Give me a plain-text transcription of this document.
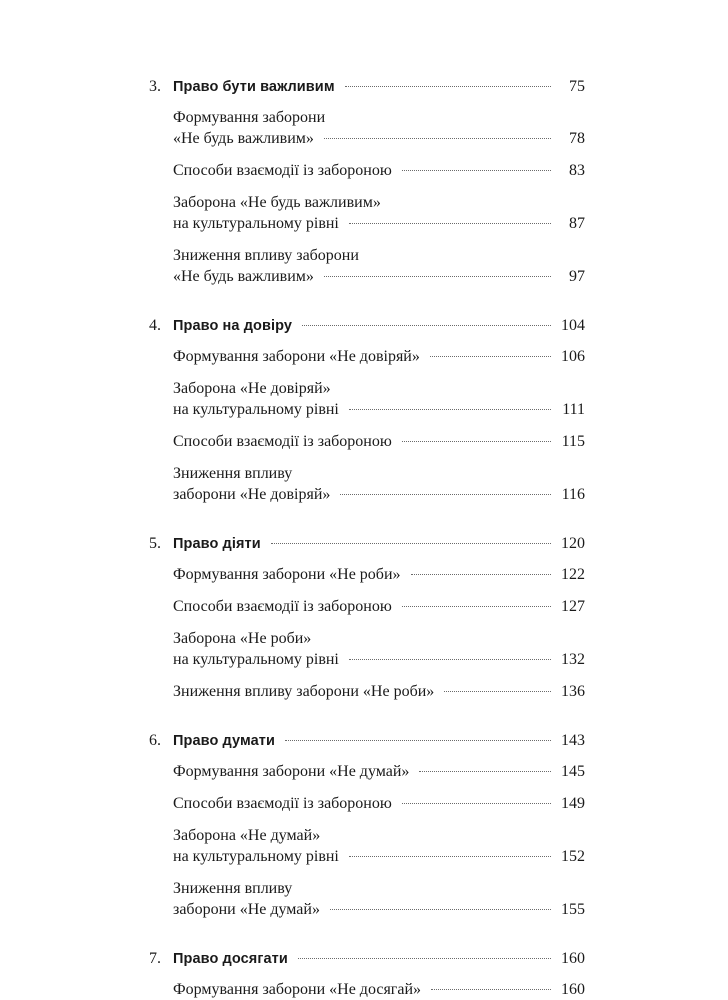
3. Право бути важливим	75
Формування заборони
«Не будь важливим»	78
Способи взаємодії із забороною	83
Заборона «Не будь важливим»
на культуральному рівні	87
Зниження впливу заборони
«Не будь важливим»	97
4. Право на довіру	104
Формування заборони «Не довіряй»	106
Заборона «Не довіряй»
на культуральному рівні	111
Способи взаємодії із забороною	115
Зниження впливу
заборони «Не довіряй»	116
5. Право діяти	120
Формування заборони «Не роби»	122
Способи взаємодії із забороною	127
Заборона «Не роби»
на культуральному рівні	132
Зниження впливу заборони «Не роби»	136
6. Право думати	143
Формування заборони «Не думай»	145
Способи взаємодії із забороною	149
Заборона «Не думай»
на культуральному рівні	152
Зниження впливу
заборони «Не думай»	155
7. Право досягати	160
Формування заборони «Не досягай»	160
